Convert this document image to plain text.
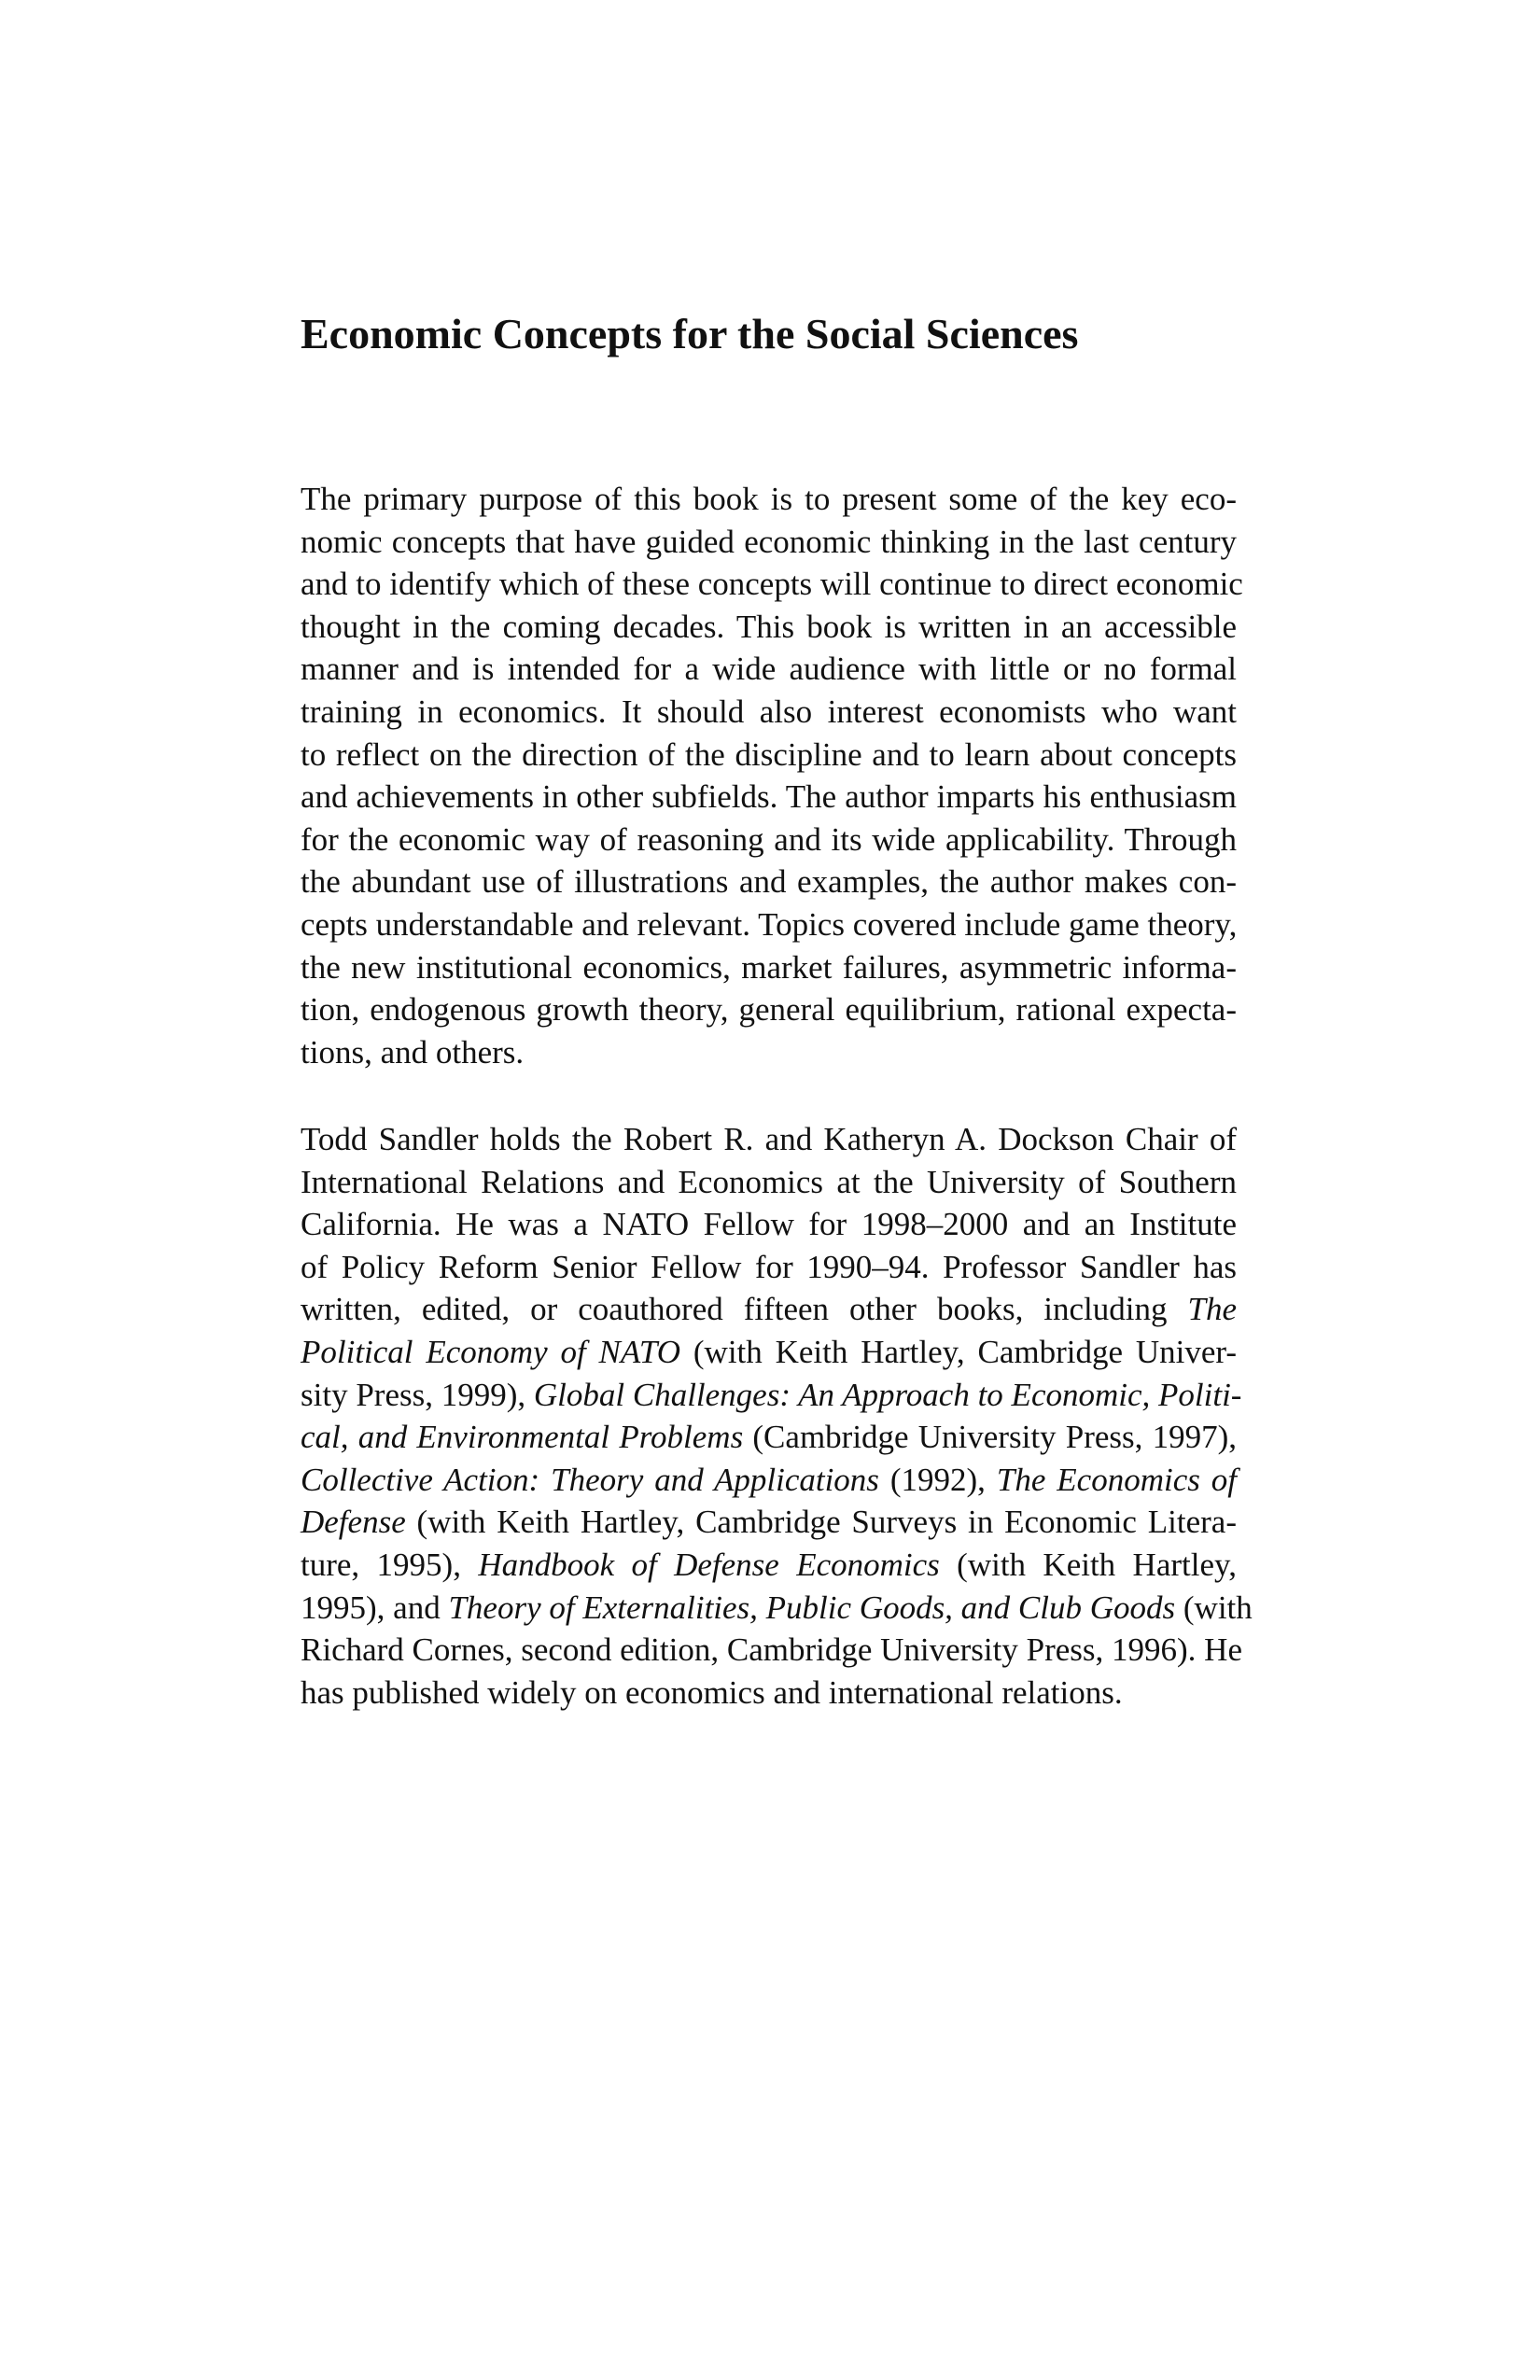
Economic Concepts for the Social Sciences

The primary purpose of this book is to present some of the key eco-
nomic concepts that have guided economic thinking in the last century
and to identify which of these concepts will continue to direct economic
thought in the coming decades. This book is written in an accessible
manner and is intended for a wide audience with little or no formal
training in economics. It should also interest economists who want
to reflect on the direction of the discipline and to learn about concepts
and achievements in other subfields. The author imparts his enthusiasm
for the economic way of reasoning and its wide applicability. Through
the abundant use of illustrations and examples, the author makes con-
cepts understandable and relevant. Topics covered include game theory,
the new institutional economics, market failures, asymmetric informa-
tion, endogenous growth theory, general equilibrium, rational expecta-
tions, and others.

Todd Sandler holds the Robert R. and Katheryn A. Dockson Chair of
International Relations and Economics at the University of Southern
California. He was a NATO Fellow for 1998–2000 and an Institute
of Policy Reform Senior Fellow for 1990–94. Professor Sandler has
written, edited, or coauthored fifteen other books, including The
Political Economy of NATO (with Keith Hartley, Cambridge Univer-
sity Press, 1999), Global Challenges: An Approach to Economic, Politi-
cal, and Environmental Problems (Cambridge University Press, 1997),
Collective Action: Theory and Applications (1992), The Economics of
Defense (with Keith Hartley, Cambridge Surveys in Economic Litera-
ture, 1995), Handbook of Defense Economics (with Keith Hartley,
1995), and Theory of Externalities, Public Goods, and Club Goods (with
Richard Cornes, second edition, Cambridge University Press, 1996). He
has published widely on economics and international relations.
